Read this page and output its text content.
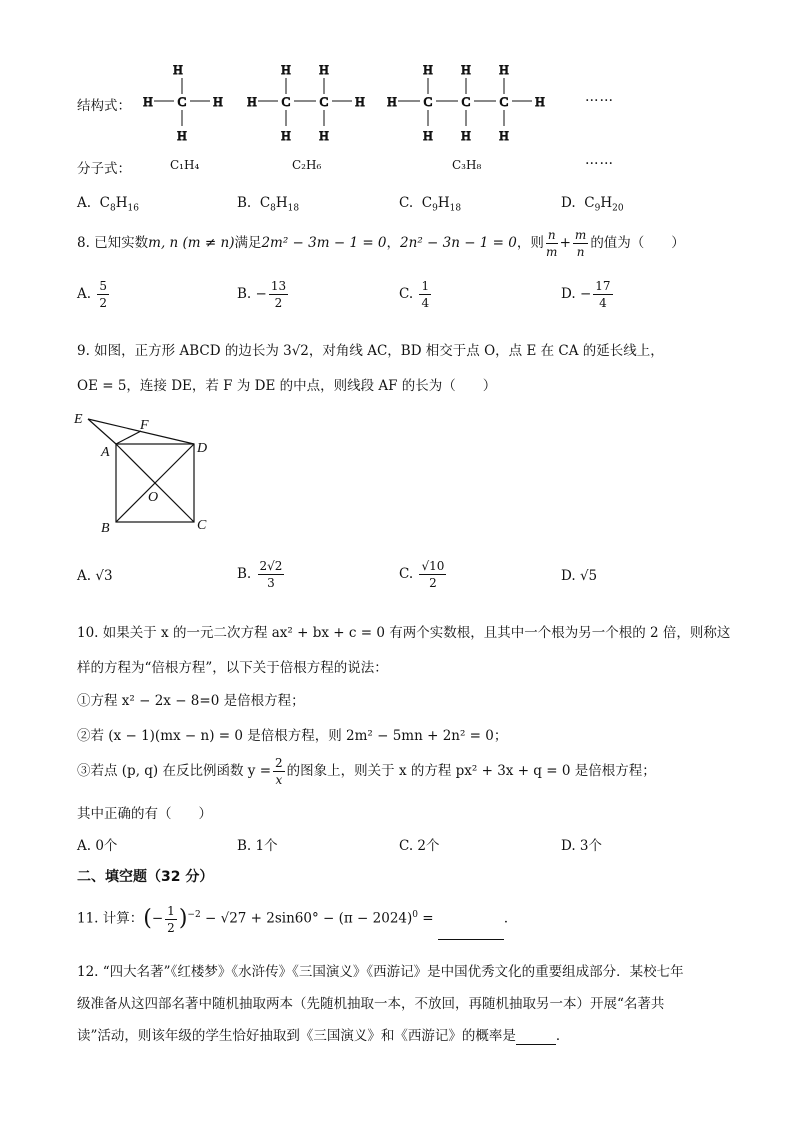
结构式：
H
H C H
H
H C C H
H H
H H
H C C C H
H H H
H H H
……
分子式：	C₁H₄	C₂H₆	C₃H₈	……
A. $C_8H_{16}$	B. $C_8H_{18}$	C. $C_9H_{18}$	D. $C_9H_{20}$
8. 已知实数m, n (m ≠ n)满足2m² − 3m − 1 = 0，2n² − 3n − 1 = 0，则 $\frac{n}{m} + \frac{m}{n}$ 的值为（　　）
A. $\frac{5}{2}$	B. − $\frac{13}{2}$	C. $\frac{1}{4}$	D. − $\frac{17}{4}$
9. 如图，正方形 ABCD 的边长为 3√2，对角线 AC，BD 相交于点 O，点 E 在 CA 的延长线上，
OE = 5，连接 DE，若 F 为 DE 的中点，则线段 AF 的长为（　　）
E	F
A	D
O
B	C
A. √3	B. $\frac{2√2}{3}$	C. $\frac{√10}{2}$	D. √5
10. 如果关于 x 的一元二次方程 ax² + bx + c = 0 有两个实数根，且其中一个根为另一个根的 2 倍，则称这
样的方程为“倍根方程”，以下关于倍根方程的说法：
①方程 x² − 2x − 8=0 是倍根方程；
②若 (x − 1)(mx − n) = 0 是倍根方程，则 2m² − 5mn + 2n² = 0；
③若点 (p, q) 在反比例函数 $y = \frac{2}{x}$ 的图象上，则关于 x 的方程 px² + 3x + q = 0 是倍根方程；
其中正确的有（　　）
A. 0个	B. 1个	C. 2个	D. 3个
二、填空题（32 分）
11. 计算：(− $\frac{1}{2} )^{-2} - √27 + 2\sin 60^\circ - (\pi - 2024)^0$ =	．
12. “四大名著”《红楼梦》《水浒传》《三国演义》《西游记》是中国优秀文化的重要组成部分．某校七年
级准备从这四部名著中随机抽取两本（先随机抽取一本，不放回，再随机抽取另一本）开展“名著共
读”活动，则该年级的学生恰好抽取到《三国演义》和《西游记》的概率是	．
